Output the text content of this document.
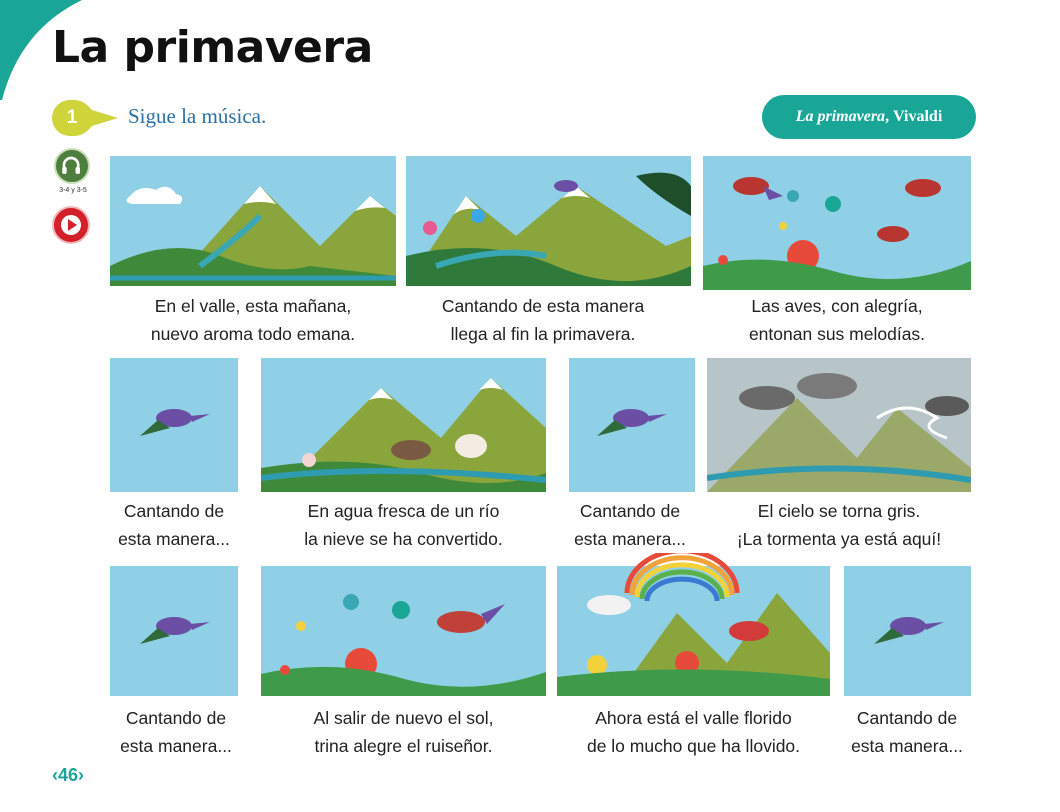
La primavera
1	Sigue la música.	La primavera ,
Vivaldi
3-4 y 3-5
En el valle, esta mañana,
nuevo aroma todo emana.
Cantando de esta manera
llega al fin la primavera.
Las aves, con alegría,
entonan sus melodías.
Cantando de
esta manera...
En agua fresca de un río
la nieve se ha convertido.
Cantando de
esta manera...
El cielo se torna gris.
¡La tormenta ya está aquí!
Cantando de
esta manera...
Al salir de nuevo el sol,
trina alegre el ruiseñor.
Ahora está el valle florido
de lo mucho que ha llovido.
Cantando de
esta manera...
‹46›
